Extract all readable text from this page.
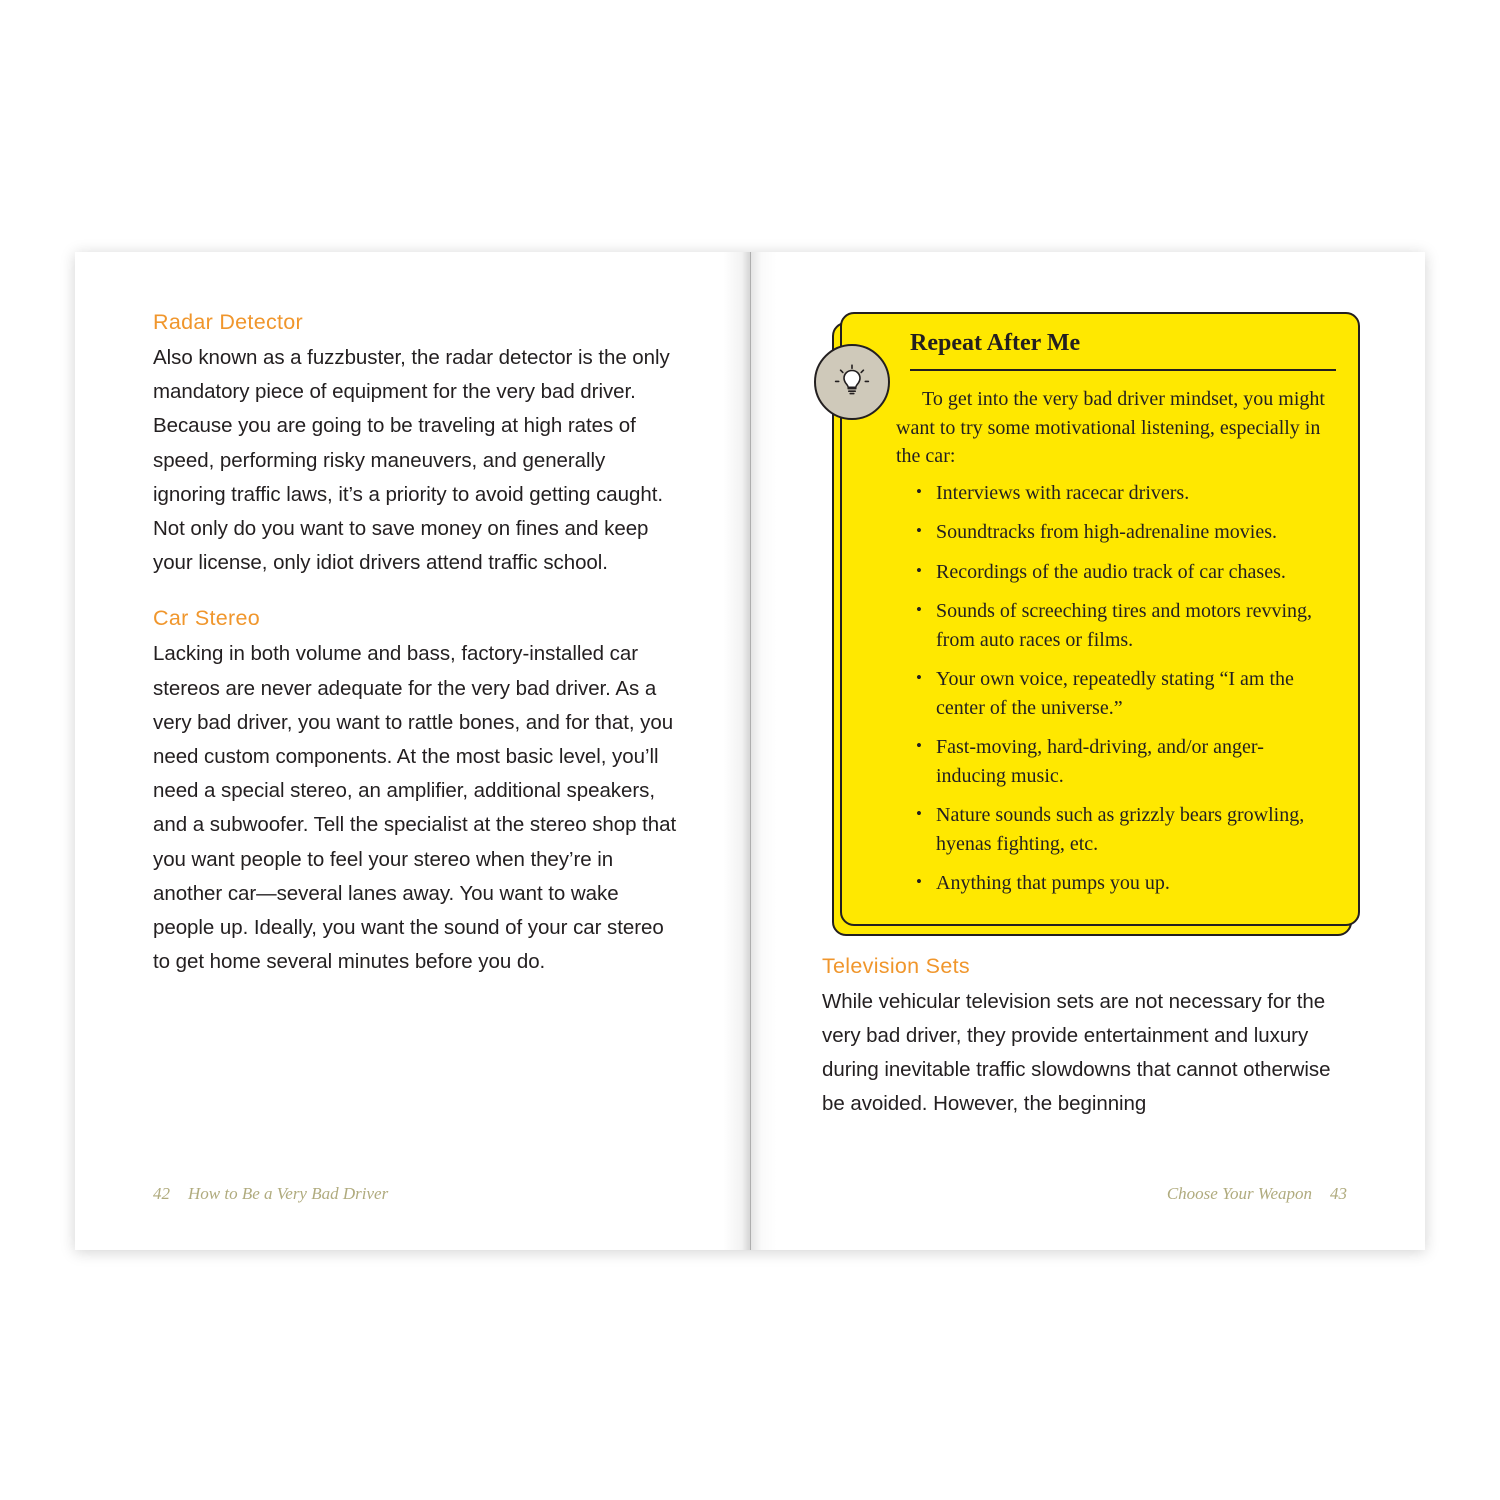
Radar Detector

Also known as a fuzzbuster, the radar detector is the only mandatory piece of equipment for the very bad driver. Because you are going to be traveling at high rates of speed, performing risky maneuvers, and generally ignoring traffic laws, it’s a priority to avoid getting caught. Not only do you want to save money on fines and keep your license, only idiot drivers attend traffic school.

Car Stereo

Lacking in both volume and bass, factory-installed car stereos are never adequate for the very bad driver. As a very bad driver, you want to rattle bones, and for that, you need custom components. At the most basic level, you’ll need a special stereo, an amplifier, additional speakers, and a subwoofer. Tell the specialist at the stereo shop that you want people to feel your stereo when they’re in another car—several lanes away. You want to wake people up. Ideally, you want the sound of your car stereo to get home several minutes before you do.

42 How to Be a Very Bad Driver
Repeat After Me

To get into the very bad driver mindset, you might want to try some motivational listening, especially in the car:

• Interviews with racecar drivers.
• Soundtracks from high-adrenaline movies.
• Recordings of the audio track of car chases.
• Sounds of screeching tires and motors revving, from auto races or films.
• Your own voice, repeatedly stating “I am the center of the universe.”
• Fast-moving, hard-driving, and/or anger-inducing music.
• Nature sounds such as grizzly bears growling, hyenas fighting, etc.
• Anything that pumps you up.
Television Sets

While vehicular television sets are not necessary for the very bad driver, they provide entertainment and luxury during inevitable traffic slowdowns that cannot otherwise be avoided. However, the beginning

Choose Your Weapon 43
